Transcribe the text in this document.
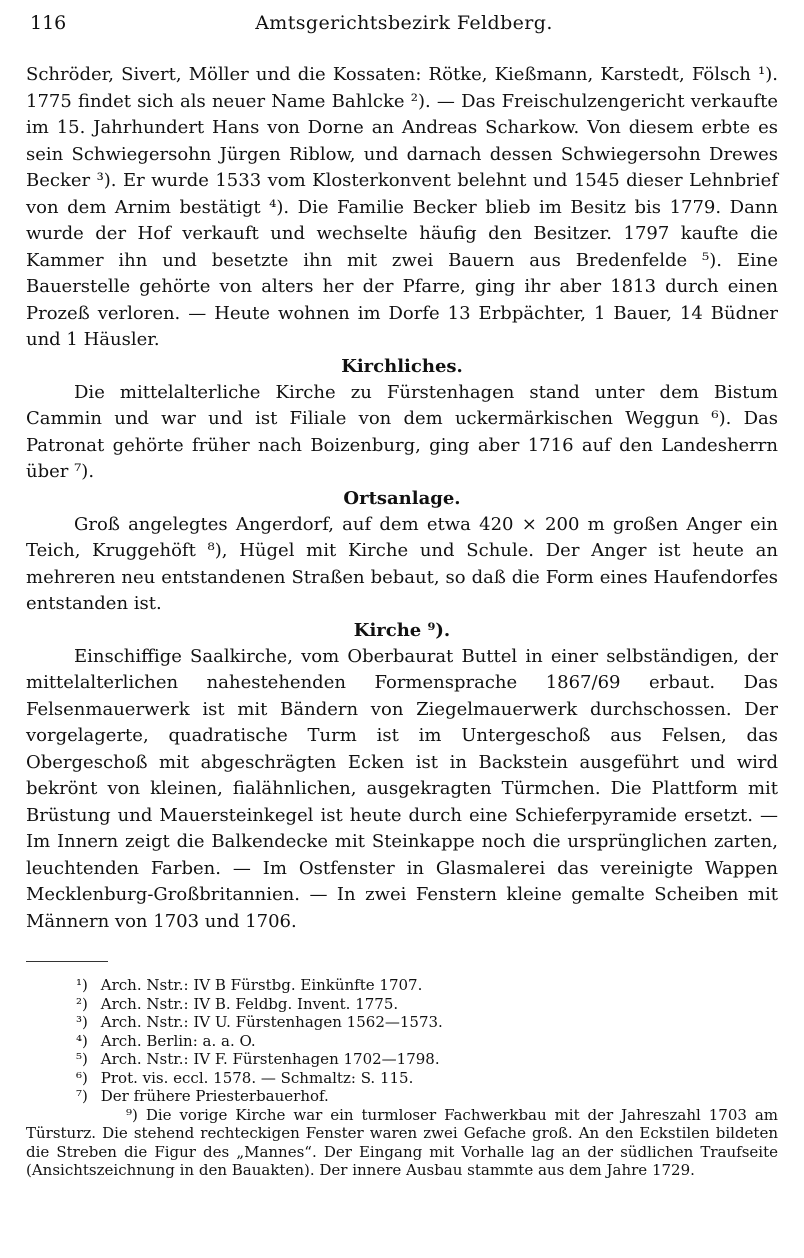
116	Amtsgerichtsbezirk Feldberg.

Schröder, Sivert, Möller und die Kossaten: Rötke, Kießmann, Karstedt, Fölsch ¹). 1775 findet sich als neuer Name Bahlcke ²). — Das Freischulzengericht verkaufte im 15. Jahrhundert Hans von Dorne an Andreas Scharkow. Von diesem erbte es sein Schwiegersohn Jürgen Riblow, und darnach dessen Schwiegersohn Drewes Becker ³). Er wurde 1533 vom Klosterkonvent belehnt und 1545 dieser Lehnbrief von dem Arnim bestätigt ⁴). Die Familie Becker blieb im Besitz bis 1779. Dann wurde der Hof verkauft und wechselte häufig den Besitzer. 1797 kaufte die Kammer ihn und besetzte ihn mit zwei Bauern aus Bredenfelde ⁵). Eine Bauerstelle gehörte von alters her der Pfarre, ging ihr aber 1813 durch einen Prozeß verloren. — Heute wohnen im Dorfe 13 Erbpächter, 1 Bauer, 14 Büdner und 1 Häusler.

Kirchliches.

Die mittelalterliche Kirche zu Fürstenhagen stand unter dem Bistum Cammin und war und ist Filiale von dem uckermärkischen Weggun ⁶). Das Patronat gehörte früher nach Boizenburg, ging aber 1716 auf den Landesherrn über ⁷).

Ortsanlage.

Groß angelegtes Angerdorf, auf dem etwa 420 × 200 m großen Anger ein Teich, Kruggehöft ⁸), Hügel mit Kirche und Schule. Der Anger ist heute an mehreren neu entstandenen Straßen bebaut, so daß die Form eines Haufendorfes entstanden ist.

Kirche ⁹).

Einschiffige Saalkirche, vom Oberbaurat Buttel in einer selbständigen, der mittelalterlichen nahestehenden Formensprache 1867/69 erbaut. Das Felsenmauerwerk ist mit Bändern von Ziegelmauerwerk durchschossen. Der vorgelagerte, quadratische Turm ist im Untergeschoß aus Felsen, das Obergeschoß mit abgeschrägten Ecken ist in Backstein ausgeführt und wird bekrönt von kleinen, fialähnlichen, ausgekragten Türmchen. Die Plattform mit Brüstung und Mauersteinkegel ist heute durch eine Schieferpyramide ersetzt. — Im Innern zeigt die Balkendecke mit Steinkappe noch die ursprünglichen zarten, leuchtenden Farben. — Im Ostfenster in Glasmalerei das vereinigte Wappen Mecklenburg-Großbritannien. — In zwei Fenstern kleine gemalte Scheiben mit Männern von 1703 und 1706.

¹) Arch. Nstr.: IV B Fürstbg. Einkünfte 1707.

²) Arch. Nstr.: IV B. Feldbg. Invent. 1775.

³) Arch. Nstr.: IV U. Fürstenhagen 1562—1573.

⁴) Arch. Berlin: a. a. O.

⁵) Arch. Nstr.: IV F. Fürstenhagen 1702—1798.

⁶) Prot. vis. eccl. 1578. — Schmaltz: S. 115.

⁷) Der frühere Priesterbauerhof.

⁹) Die vorige Kirche war ein turmloser Fachwerkbau mit der Jahreszahl 1703 am Türsturz. Die stehend rechteckigen Fenster waren zwei Gefache groß. An den Eckstilen bildeten die Streben die Figur des „Mannes“. Der Eingang mit Vorhalle lag an der südlichen Traufseite (Ansichtszeichnung in den Bauakten). Der innere Ausbau stammte aus dem Jahre 1729.
